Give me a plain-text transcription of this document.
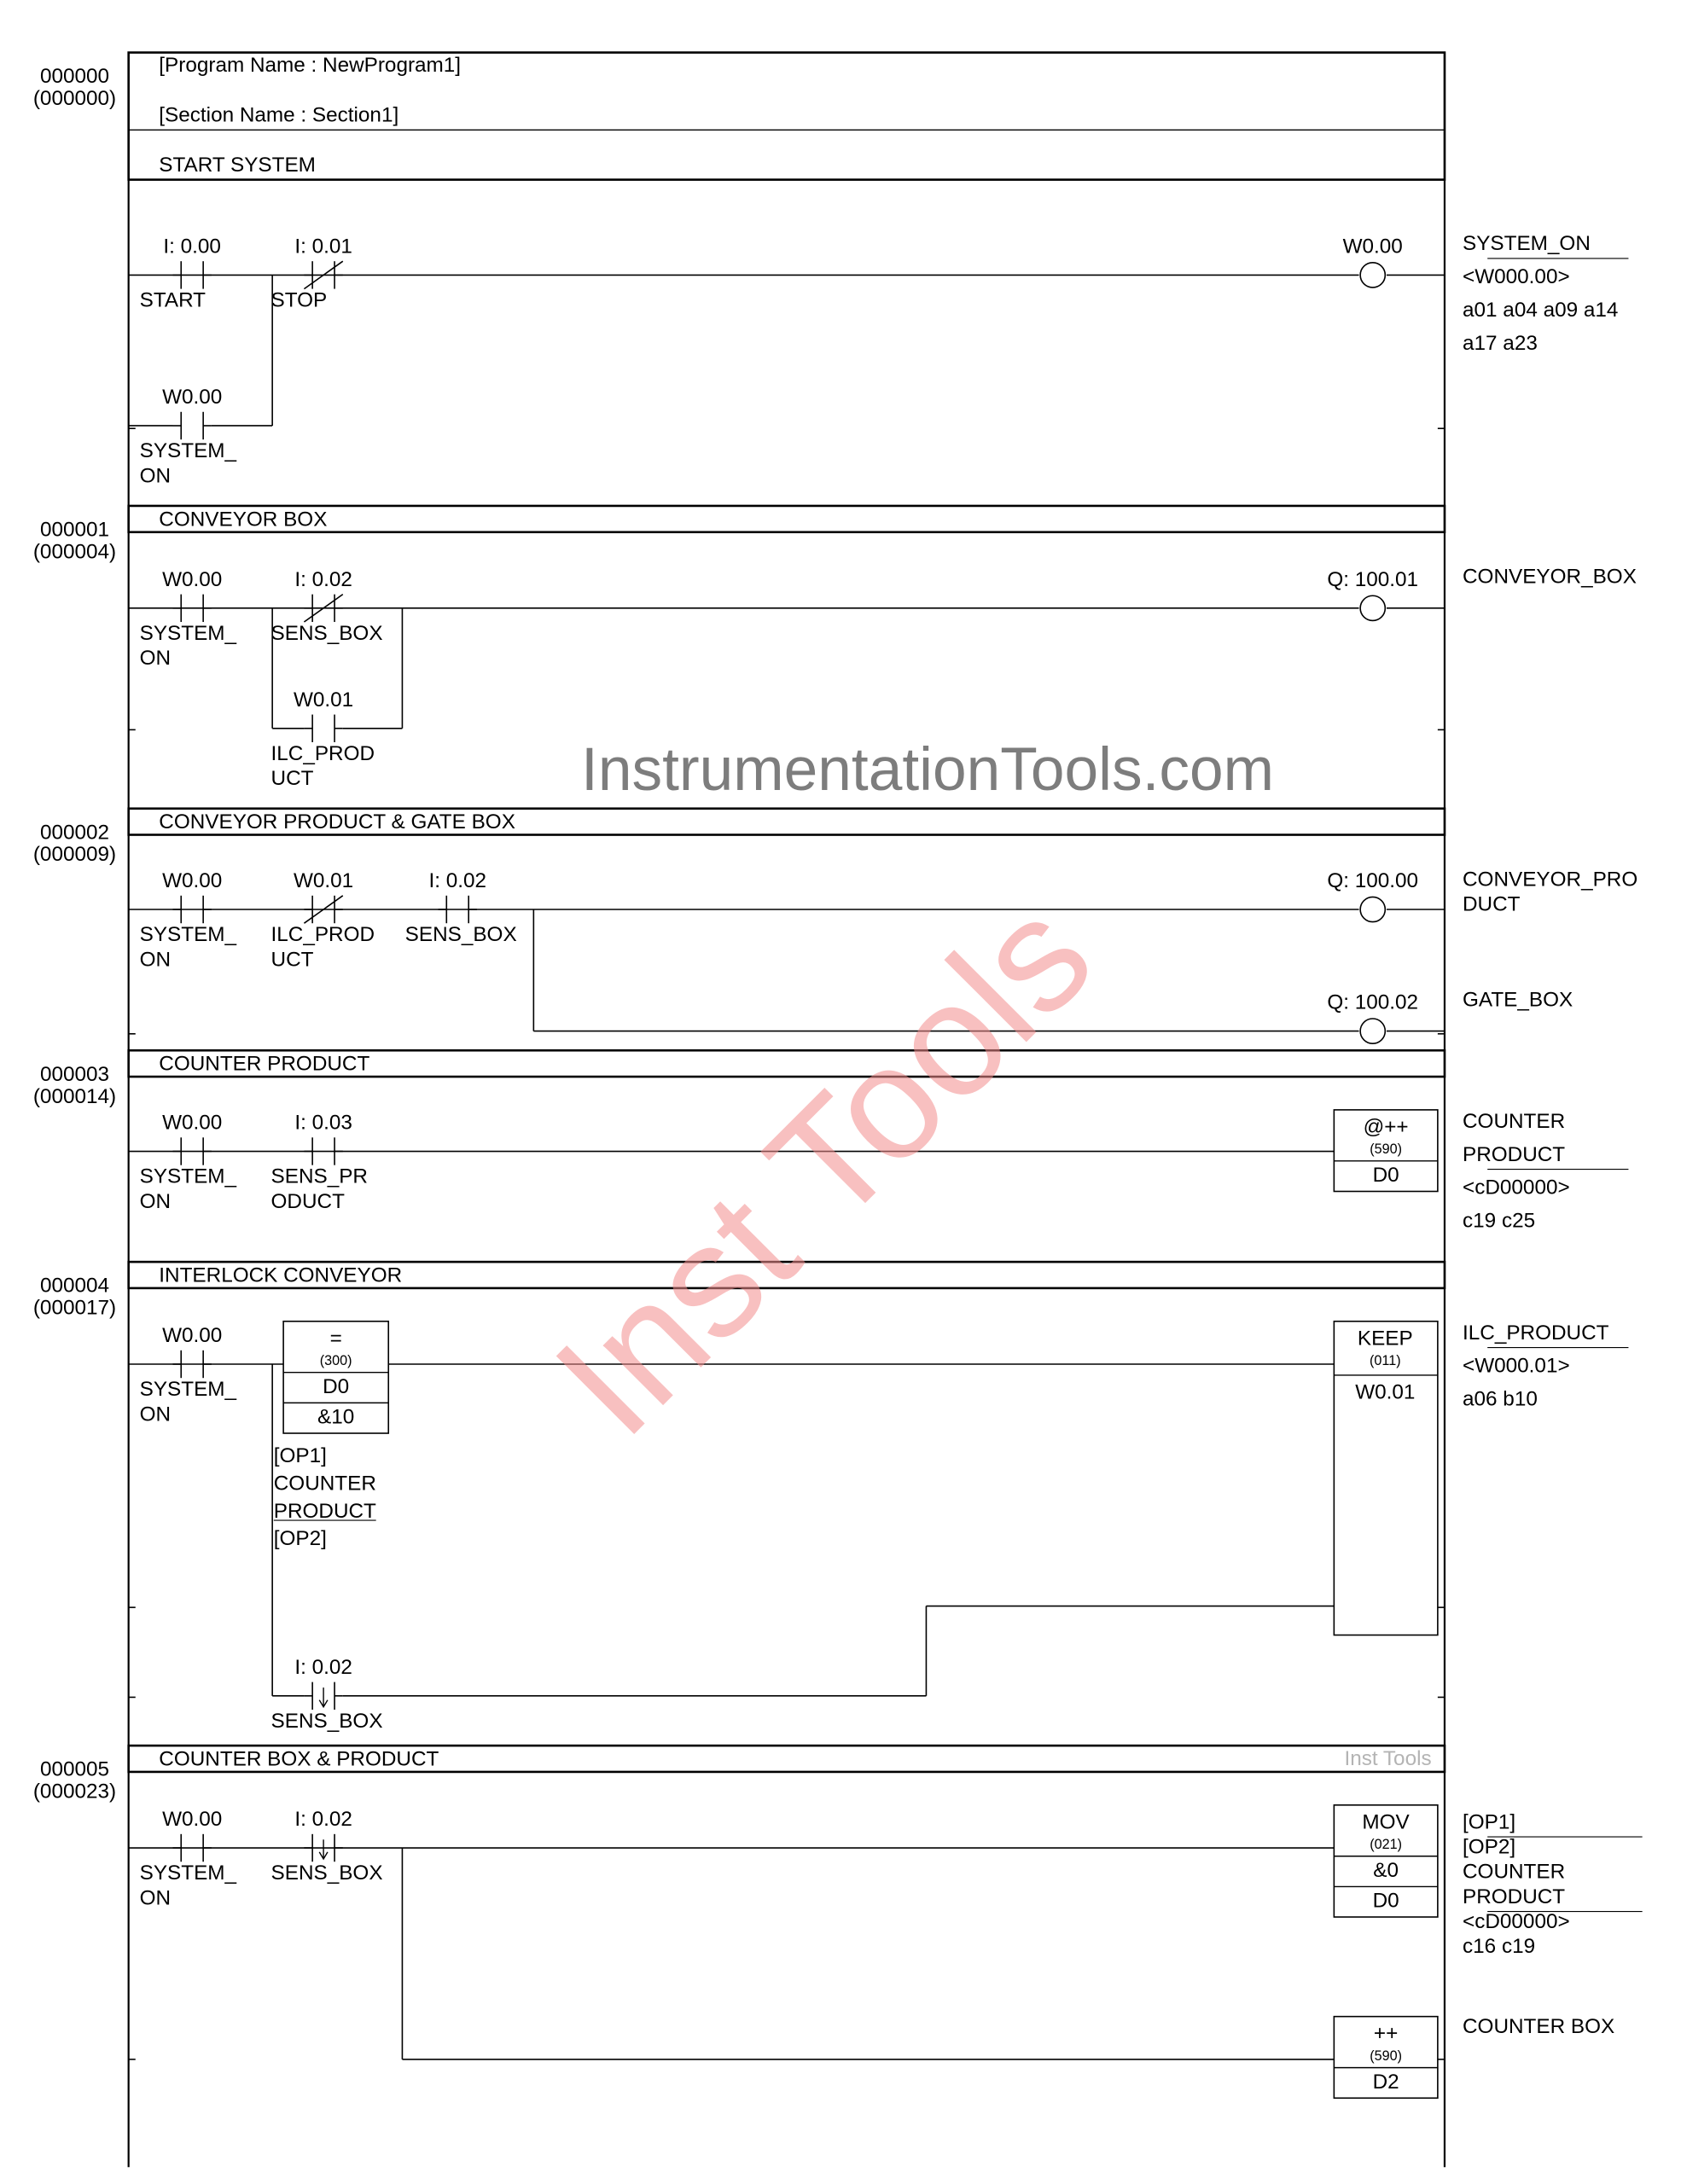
[Program Name : NewProgram1]
[Section Name : Section1]
START SYSTEM
000000
(000000)
I: 0.00
START
I: 0.01
STOP
W0.00
SYSTEM_
ON
W0.00	SYSTEM_ON
<W000.00>
a01 a04 a09 a14
a17 a23
CONVEYOR BOX
000001
(000004)
W0.00
SYSTEM_
ON
I: 0.02
SENS_BOX
W0.01
ILC_PROD
UCT
Q: 100.01 CONVEYOR_BOX
CONVEYOR PRODUCT & GATE BOX
000002
(000009)
W0.00
SYSTEM_
ON
W0.01
ILC_PROD
UCT
I: 0.02
SENS_BOX
Q: 100.00
Q: 100.02
CONVEYOR_PRO
DUCT
GATE_BOX
COUNTER PRODUCT
000003
(000014)
W0.00
SYSTEM_
ON
I: 0.03
SENS_PR
ODUCT
@++
(590)
D0
COUNTER
PRODUCT
<cD00000>
c19 c25
INTERLOCK CONVEYOR
000004
(000017)
W0.00
SYSTEM_
ON
=
(300)
D0
&10
[OP1]
COUNTER
PRODUCT
[OP2]
I: 0.02
SENS_BOX
KEEP
(011)
W0.01
ILC_PRODUCT
<W000.01>
a06 b10
COUNTER BOX & PRODUCT	Inst Tools
000005
(000023)
W0.00
SYSTEM_
ON
I: 0.02
SENS_BOX
MOV
(021)
&0
D0
++
(590)
D2
[OP1]
[OP2]
COUNTER
PRODUCT
<cD00000>
c16 c19
COUNTER BOX
InstrumentationTools.com
Inst Tools
